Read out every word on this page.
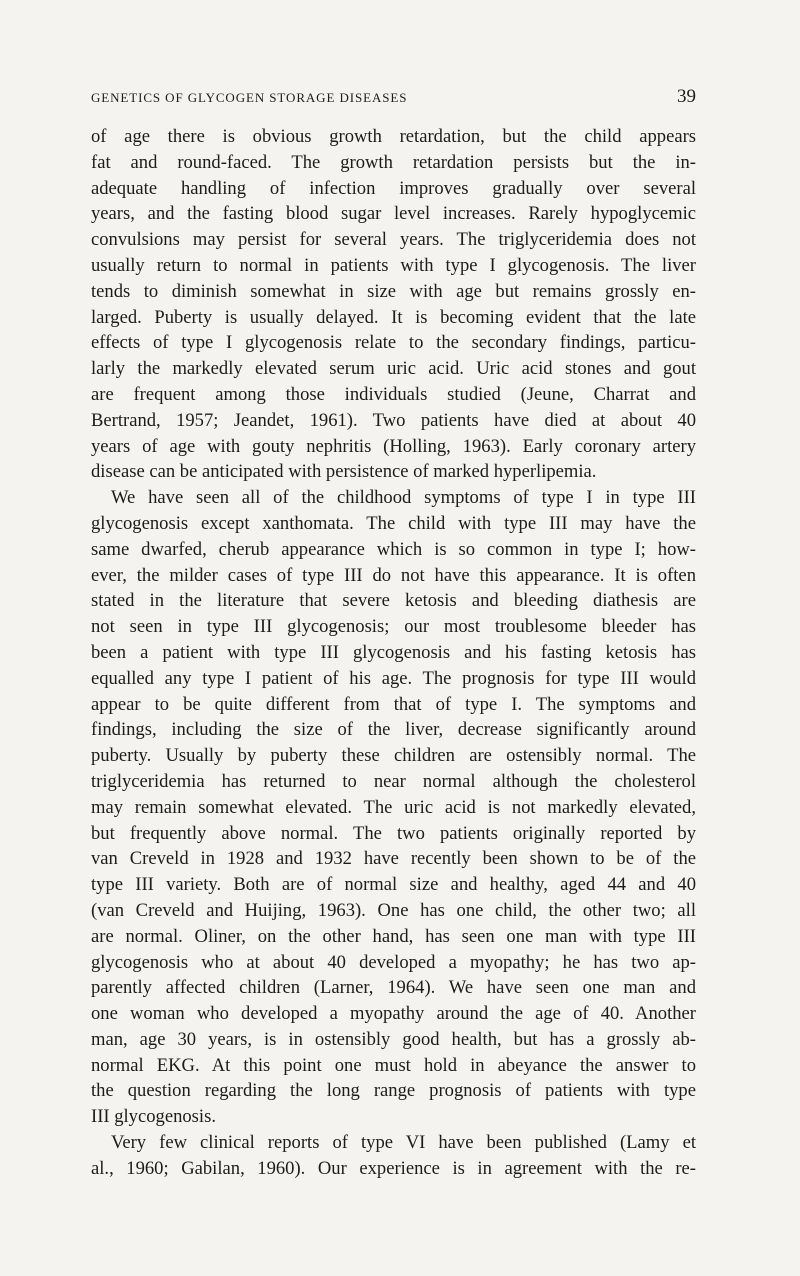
GENETICS OF GLYCOGEN STORAGE DISEASES	39
of age there is obvious growth retardation, but the child appears
fat and round-faced. The growth retardation persists but the in-
adequate handling of infection improves gradually over several
years, and the fasting blood sugar level increases. Rarely hypoglycemic
convulsions may persist for several years. The triglyceridemia does not
usually return to normal in patients with type I glycogenosis. The liver
tends to diminish somewhat in size with age but remains grossly en-
larged. Puberty is usually delayed. It is becoming evident that the late
effects of type I glycogenosis relate to the secondary findings, particu-
larly the markedly elevated serum uric acid. Uric acid stones and gout
are frequent among those individuals studied (Jeune, Charrat and
Bertrand, 1957; Jeandet, 1961). Two patients have died at about 40
years of age with gouty nephritis (Holling, 1963). Early coronary artery
disease can be anticipated with persistence of marked hyperlipemia.
We have seen all of the childhood symptoms of type I in type III
glycogenosis except xanthomata. The child with type III may have the
same dwarfed, cherub appearance which is so common in type I; how-
ever, the milder cases of type III do not have this appearance. It is often
stated in the literature that severe ketosis and bleeding diathesis are
not seen in type III glycogenosis; our most troublesome bleeder has
been a patient with type III glycogenosis and his fasting ketosis has
equalled any type I patient of his age. The prognosis for type III would
appear to be quite different from that of type I. The symptoms and
findings, including the size of the liver, decrease significantly around
puberty. Usually by puberty these children are ostensibly normal. The
triglyceridemia has returned to near normal although the cholesterol
may remain somewhat elevated. The uric acid is not markedly elevated,
but frequently above normal. The two patients originally reported by
van Creveld in 1928 and 1932 have recently been shown to be of the
type III variety. Both are of normal size and healthy, aged 44 and 40
(van Creveld and Huijing, 1963). One has one child, the other two; all
are normal. Oliner, on the other hand, has seen one man with type III
glycogenosis who at about 40 developed a myopathy; he has two ap-
parently affected children (Larner, 1964). We have seen one man and
one woman who developed a myopathy around the age of 40. Another
man, age 30 years, is in ostensibly good health, but has a grossly ab-
normal EKG. At this point one must hold in abeyance the answer to
the question regarding the long range prognosis of patients with type
III glycogenosis.
Very few clinical reports of type VI have been published (Lamy et
al., 1960; Gabilan, 1960). Our experience is in agreement with the re-
